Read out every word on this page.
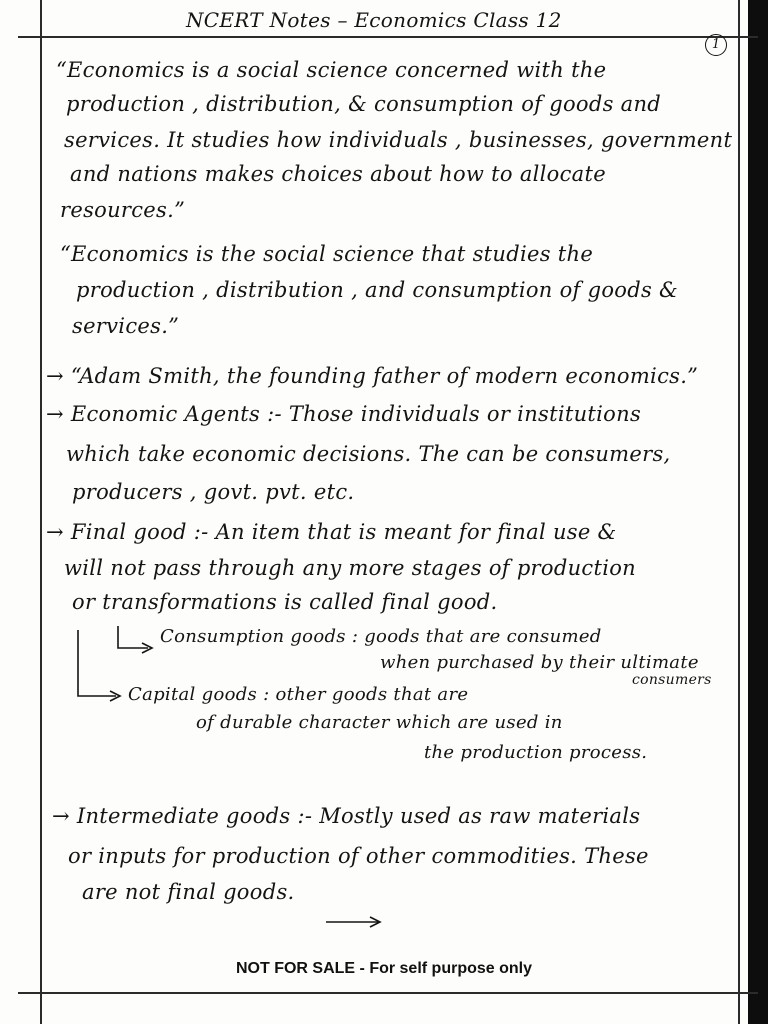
NCERT Notes – Economics Class 12
1
“Economics is a social science concerned with the
production , distribution, & consumption of goods and
services. It studies how individuals , businesses, government
and nations makes choices about how to allocate
resources.”
“Economics is the social science that studies the
production , distribution , and consumption of goods &
services.”
→ “Adam Smith, the founding father of modern economics.”
→ Economic Agents :- Those individuals or institutions
which take economic decisions. The can be consumers,
producers , govt. pvt. etc.
→ Final good :- An item that is meant for final use &
will not pass through any more stages of production
or transformations is called final good.
Consumption goods : goods that are consumed
when purchased by their ultimate
consumers
Capital goods : other goods that are
of durable character which are used in
the production process.
→ Intermediate goods :- Mostly used as raw materials
or inputs for production of other commodities. These
are not final goods.
NOT FOR SALE - For self purpose only
